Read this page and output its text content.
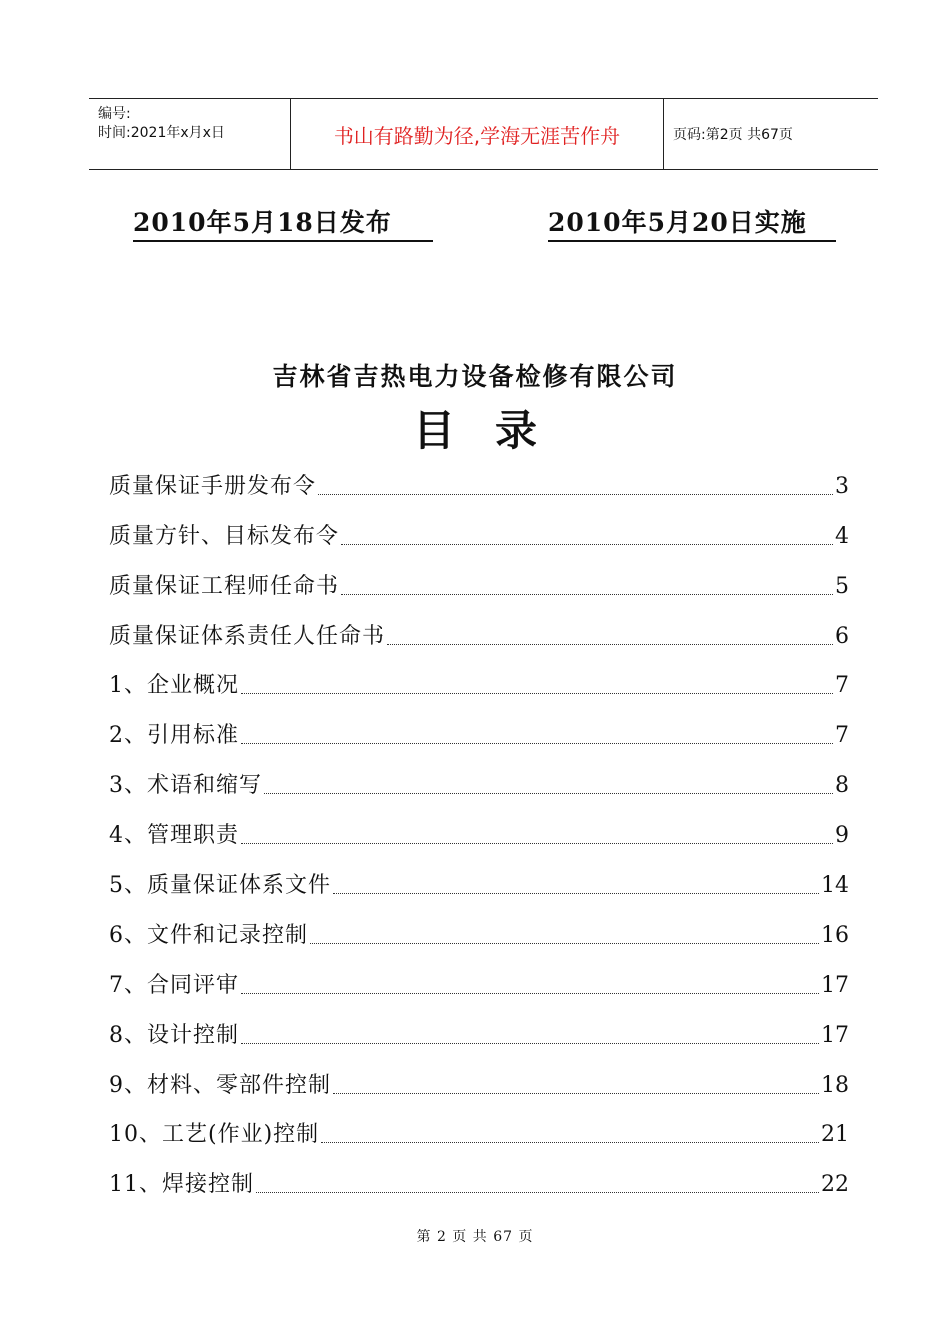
编号:
时间:2021年x月x日	书山有路勤为径,学海无涯苦作舟	页码:第2页 共67页
2010年5月18日发布	2010年5月20日实施
吉林省吉热电力设备检修有限公司
目录
质量保证手册发布令	3
质量方针、目标发布令	4
质量保证工程师任命书	5
质量保证体系责任人任命书	6
1、企业概况	7
2、引用标准	7
3、术语和缩写	8
4、管理职责	9
5、质量保证体系文件	14
6、文件和记录控制	16
7、合同评审	17
8、设计控制	17
9、材料、零部件控制	18
10、工艺(作业)控制	21
11、焊接控制	22
第 2 页 共 67 页
